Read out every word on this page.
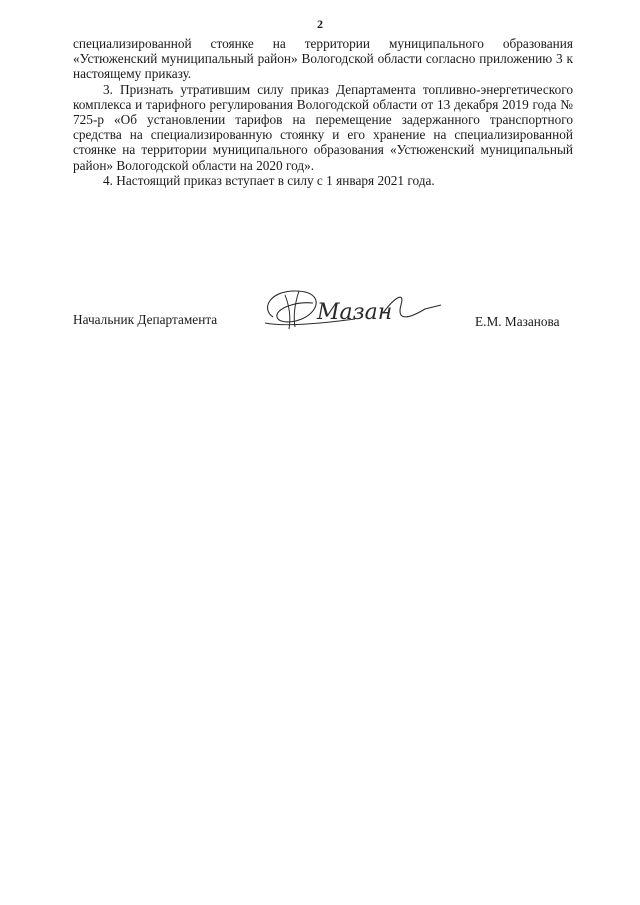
2

специализированной стоянке на территории муниципального образования «Устюженский муниципальный район» Вологодской области согласно приложению 3 к настоящему приказу.

3. Признать утратившим силу приказ Департамента топливно-энергетического комплекса и тарифного регулирования Вологодской области от 13 декабря 2019 года № 725-р «Об установлении тарифов на перемещение задержанного транспортного средства на специализированную стоянку и его хранение на специализированной стоянке на территории муниципального образования «Устюженский муниципальный район» Вологодской области на 2020 год».

4. Настоящий приказ вступает в силу с 1 января 2021 года.

Начальник Департамента	Мазан	Е.М. Мазанова
